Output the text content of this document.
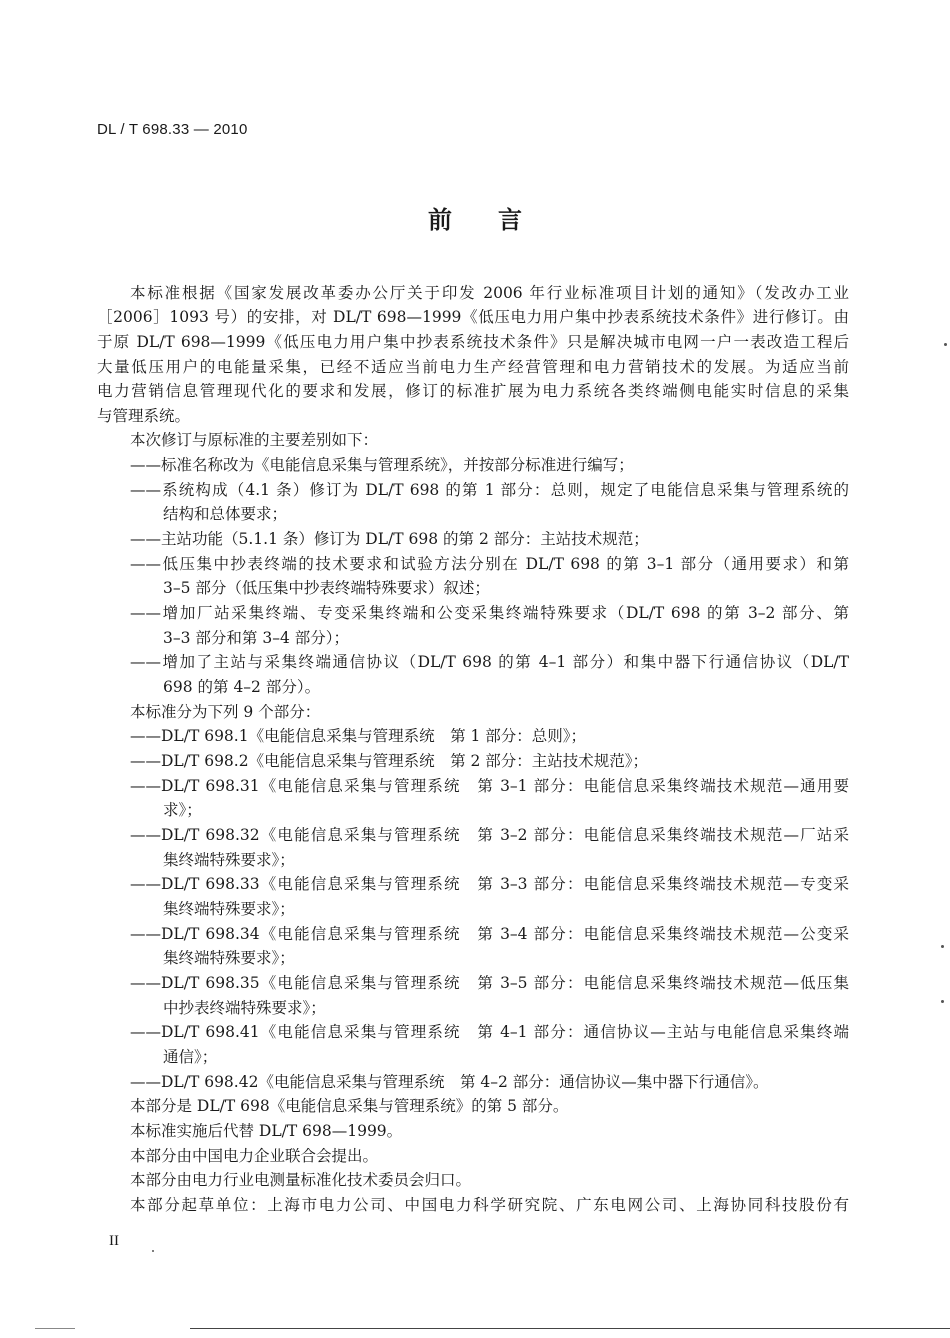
DL / T 698.33 — 2010
前言
本标准根据《国家发展改革委办公厅关于印发 2006 年行业标准项目计划的通知》（发改办工业
［2006］1093 号）的安排，对 DL/T 698—1999《低压电力用户集中抄表系统技术条件》进行修订。由
于原 DL/T 698—1999《低压电力用户集中抄表系统技术条件》只是解决城市电网一户一表改造工程后
大量低压用户的电能量采集，已经不适应当前电力生产经营管理和电力营销技术的发展。为适应当前
电力营销信息管理现代化的要求和发展，修订的标准扩展为电力系统各类终端侧电能实时信息的采集
与管理系统。
本次修订与原标准的主要差别如下：
——标准名称改为《电能信息采集与管理系统》，并按部分标准进行编写；
——系统构成（4.1 条）修订为 DL/T 698 的第 1 部分：总则，规定了电能信息采集与管理系统的
结构和总体要求；
——主站功能（5.1.1 条）修订为 DL/T 698 的第 2 部分：主站技术规范；
——低压集中抄表终端的技术要求和试验方法分别在 DL/T 698 的第 3–1 部分（通用要求）和第
3–5 部分（低压集中抄表终端特殊要求）叙述；
——增加厂站采集终端、专变采集终端和公变采集终端特殊要求（DL/T 698 的第 3–2 部分、第
3–3 部分和第 3–4 部分）；
——增加了主站与采集终端通信协议（DL/T 698 的第 4–1 部分）和集中器下行通信协议（DL/T
698 的第 4–2 部分）。
本标准分为下列 9 个部分：
——DL/T 698.1《电能信息采集与管理系统　第 1 部分：总则》；
——DL/T 698.2《电能信息采集与管理系统　第 2 部分：主站技术规范》；
——DL/T 698.31《电能信息采集与管理系统　第 3–1 部分：电能信息采集终端技术规范—通用要
求》；
——DL/T 698.32《电能信息采集与管理系统　第 3–2 部分：电能信息采集终端技术规范—厂站采
集终端特殊要求》；
——DL/T 698.33《电能信息采集与管理系统　第 3–3 部分：电能信息采集终端技术规范—专变采
集终端特殊要求》；
——DL/T 698.34《电能信息采集与管理系统　第 3–4 部分：电能信息采集终端技术规范—公变采
集终端特殊要求》；
——DL/T 698.35《电能信息采集与管理系统　第 3–5 部分：电能信息采集终端技术规范—低压集
中抄表终端特殊要求》；
——DL/T 698.41《电能信息采集与管理系统　第 4–1 部分：通信协议—主站与电能信息采集终端
通信》；
——DL/T 698.42《电能信息采集与管理系统　第 4–2 部分：通信协议—集中器下行通信》。
本部分是 DL/T 698《电能信息采集与管理系统》的第 5 部分。
本标准实施后代替 DL/T 698—1999。
本部分由中国电力企业联合会提出。
本部分由电力行业电测量标准化技术委员会归口。
本部分起草单位：上海市电力公司、中国电力科学研究院、广东电网公司、上海协同科技股份有
II
